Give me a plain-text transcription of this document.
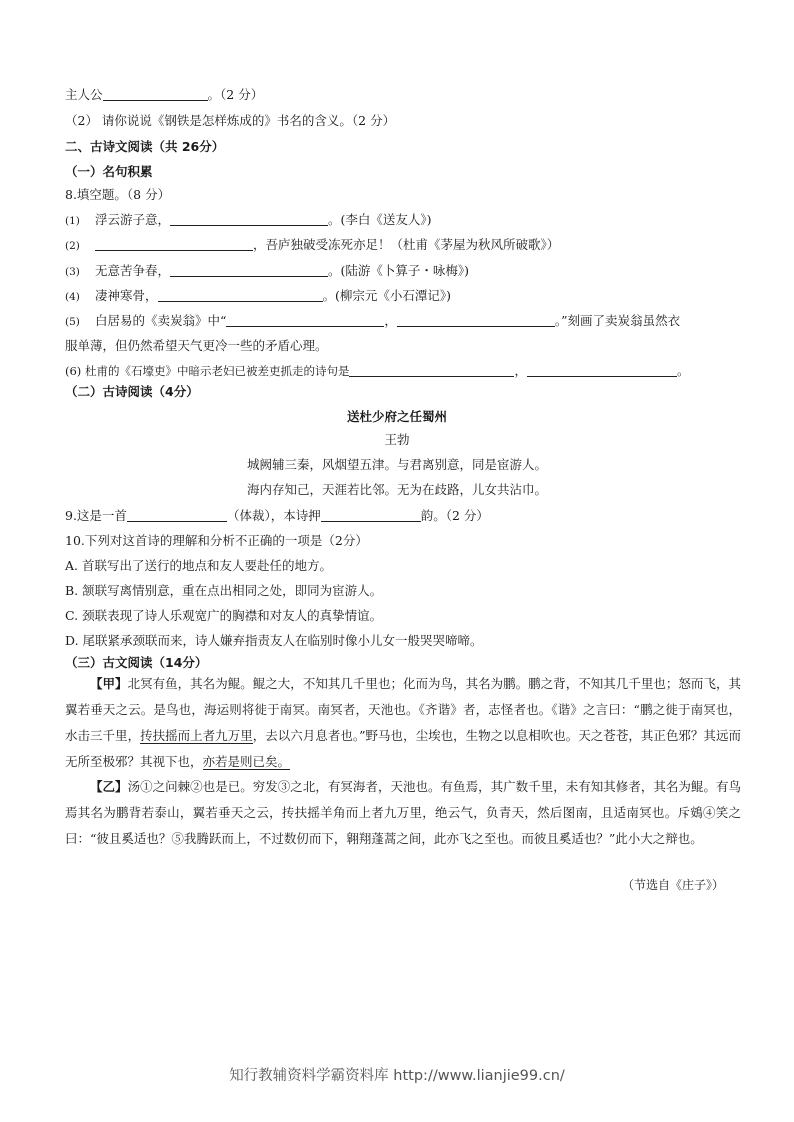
主人公	。（2 分）
（2） 请你说说《钢铁是怎样炼成的》书名的含义。（2 分）
二、古诗文阅读（共 26分）
（一）名句积累
8.填空题。（8 分）
(1) 浮云游子意，	。(李白《送友人》)
(2)	，吾庐独破受冻死亦足！（杜甫《茅屋为秋风所破歌》）
(3) 无意苦争春，	。(陆游《卜算子・咏梅》)
(4) 凄神寒骨，	。(柳宗元《小石潭记》)
(5) 白居易的《卖炭翁》中“	，	。”刻画了卖炭翁虽然衣
服单薄，但仍然希望天气更冷一些的矛盾心理。
(6) 杜甫的《石壕吏》中暗示老妇已被差吏抓走的诗句是	，	。
（二）古诗阅读（4分）
送杜少府之任蜀州
王勃
城阙辅三秦，风烟望五津。与君离别意，同是宦游人。
海内存知己，天涯若比邻。无为在歧路，儿女共沾巾。
9.这是一首	（体裁），本诗押	韵。（2 分）
10.下列对这首诗的理解和分析不正确的一项是（2分）
A. 首联写出了送行的地点和友人要赴任的地方。
B. 颔联写离情别意，重在点出相同之处，即同为宦游人。
C. 颈联表现了诗人乐观宽广的胸襟和对友人的真挚情谊。
D. 尾联紧承颈联而来，诗人嫌弃指责友人在临别时像小儿女一般哭哭啼啼。
（三）古文阅读（14分）
【甲】北冥有鱼，其名为鲲。鲲之大，不知其几千里也；化而为鸟，其名为鹏。鹏之背，不知其几千里也；怒而飞，其翼若垂天之云。是鸟也，海运则将徙于南冥。南冥者，天池也。《齐谐》者，志怪者也。《谐》之言曰：“鹏之徙于南冥也，水击三千里，抟扶摇而上者九万里，去以六月息者也。”野马也，尘埃也，生物之以息相吹也。天之苍苍，其正色邪？其远而无所至极邪？其视下也，亦若是则已矣。
【乙】汤①之问棘②也是已。穷发③之北，有冥海者，天池也。有鱼焉，其广数千里，未有知其修者，其名为鲲。有鸟焉其名为鹏背若泰山，翼若垂天之云，抟扶摇羊角而上者九万里，绝云气，负青天，然后图南，且适南冥也。斥鴳④笑之曰：“彼且奚适也？⑤我腾跃而上，不过数仞而下，翱翔蓬蒿之间，此亦飞之至也。而彼且奚适也？”此小大之辩也。
（节选自《庄子》）
知行教辅资料学霸资料库 http://www.lianjie99.cn/
